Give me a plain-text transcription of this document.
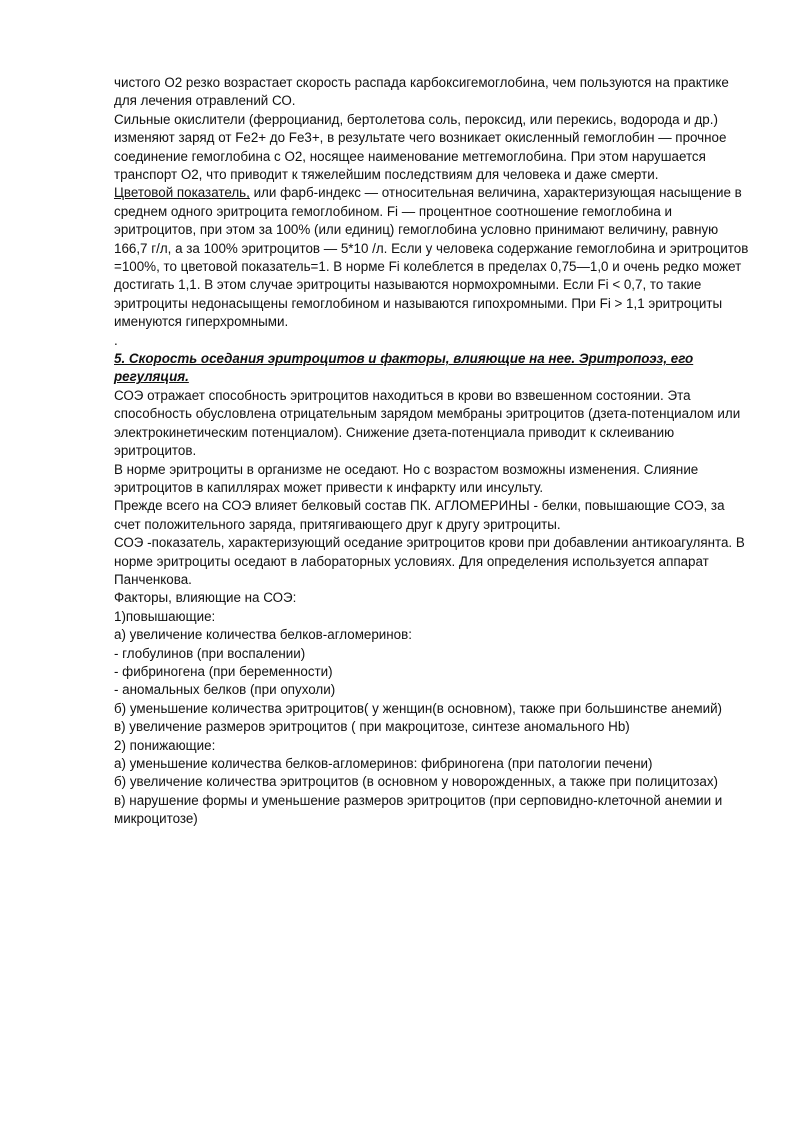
чистого О2 резко возрастает скорость распада карбоксигемоглобина, чем пользуются на практике для лечения отравлений СО.

Сильные окислители (ферроцианид, бертолетова соль, пероксид, или перекись, водорода и др.) изменяют заряд от Fe2+ до Fe3+, в результате чего возникает окисленный гемоглобин — прочное соединение гемоглобина с О2, носящее наименование метгемоглобина. При этом нарушается транспорт О2, что приводит к тяжелейшим последствиям для человека и даже смерти.

Цветовой показатель, или фарб-индекс — относительная величина, характеризующая насыщение в среднем одного эритроцита гемоглобином. Fi — процентное соотношение гемоглобина и эритроцитов, при этом за 100% (или единиц) гемоглобина условно принимают величину, равную 166,7 г/л, а за 100% эритроцитов — 5*10 /л. Если у человека содержание гемоглобина и эритроцитов =100%, то цветовой показатель=1. В норме Fi колеблется в пределах 0,75—1,0 и очень редко может достигать 1,1. В этом случае эритроциты называются нормохромными. Если Fi < 0,7, то такие эритроциты недонасыщены гемоглобином и называются гипохромными. При Fi > 1,1 эритроциты именуются гиперхромными.

.

5. Скорость оседания эритроцитов и факторы, влияющие на нее. Эритропоэз, его регуляция.

СОЭ отражает способность эритроцитов находиться в крови во взвешенном состоянии. Эта способность обусловлена отрицательным зарядом мембраны эритроцитов (дзета-потенциалом или электрокинетическим потенциалом). Снижение дзета-потенциала приводит к склеиванию эритроцитов.

В норме эритроциты в организме не оседают. Но с возрастом возможны изменения. Слияние эритроцитов в капиллярах может привести к инфаркту или инсульту.

Прежде всего на СОЭ влияет белковый состав ПК. АГЛОМЕРИНЫ - белки, повышающие СОЭ, за счет положительного заряда, притягивающего друг к другу эритроциты.

СОЭ -показатель, характеризующий оседание эритроцитов крови при добавлении антикоагулянта. В норме эритроциты оседают в лабораторных условиях. Для определения используется аппарат Панченкова.

Факторы, влияющие на СОЭ:

1)повышающие:

а) увеличение количества белков-агломеринов:

- глобулинов (при воспалении)

- фибриногена (при беременности)

- аномальных белков (при опухоли)

б) уменьшение количества эритроцитов( у женщин(в основном), также при большинстве анемий)

в) увеличение размеров эритроцитов ( при макроцитозе, синтезе аномального Hb)

2) понижающие:

а) уменьшение количества белков-агломеринов: фибриногена (при патологии печени)

б) увеличение количества эритроцитов (в основном у новорожденных, а также при полицитозах)

в) нарушение формы и уменьшение размеров эритроцитов (при серповидно-клеточной анемии и микроцитозе)
